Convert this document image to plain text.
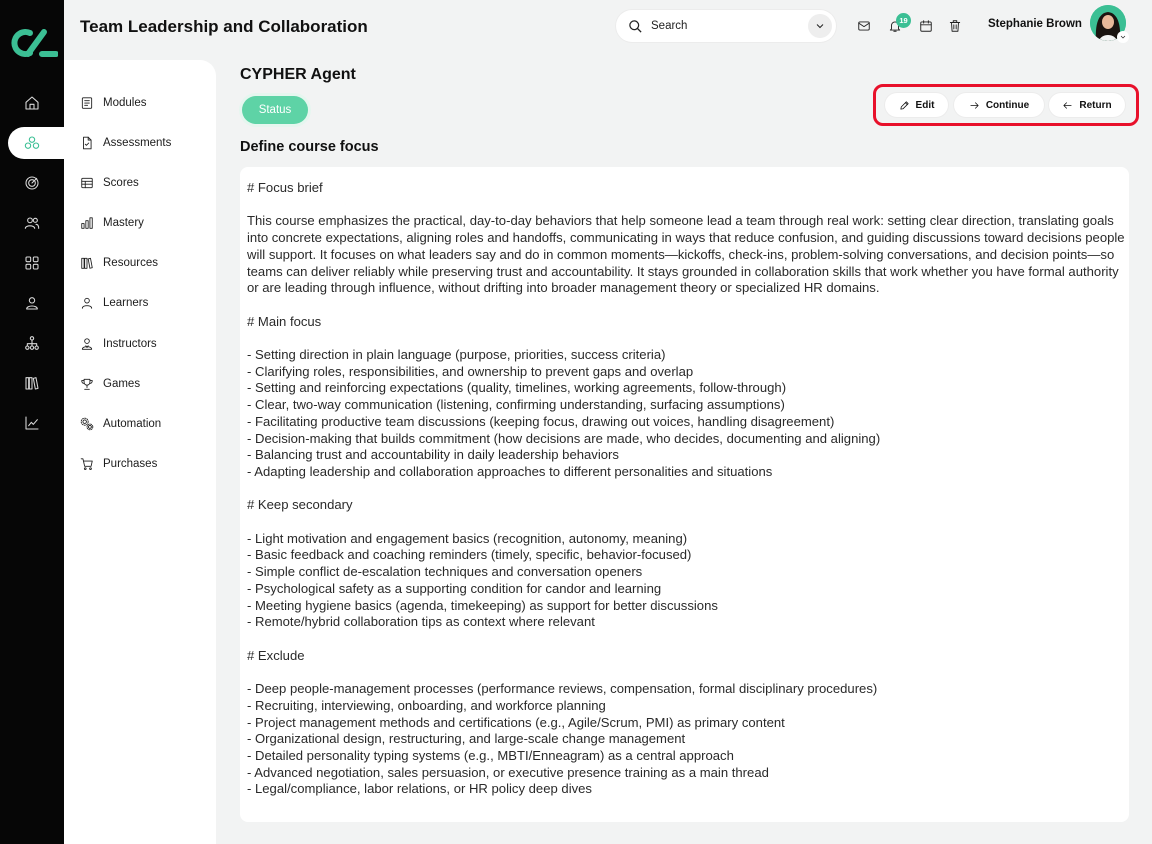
Modules
Assessments
Scores
Mastery
Resources
Learners
Instructors
Games
Automation
Purchases
Team Leadership and Collaboration	Search	19	Stephanie Brown
CYPHER Agent
Status	Edit	Continue	Return
Define course focus
# Focus brief

This course emphasizes the practical, day-to-day behaviors that help someone lead a team through real work: setting clear direction, translating goals into concrete expectations, aligning roles and handoffs, communicating in ways that reduce confusion, and guiding discussions toward decisions people will support. It focuses on what leaders say and do in common moments—kickoffs, check-ins, problem-solving conversations, and decision points—so teams can deliver reliably while preserving trust and accountability. It stays grounded in collaboration skills that work whether you have formal authority or are leading through influence, without drifting into broader management theory or specialized HR domains.

# Main focus

- Setting direction in plain language (purpose, priorities, success criteria)
- Clarifying roles, responsibilities, and ownership to prevent gaps and overlap
- Setting and reinforcing expectations (quality, timelines, working agreements, follow-through)
- Clear, two-way communication (listening, confirming understanding, surfacing assumptions)
- Facilitating productive team discussions (keeping focus, drawing out voices, handling disagreement)
- Decision-making that builds commitment (how decisions are made, who decides, documenting and aligning)
- Balancing trust and accountability in daily leadership behaviors
- Adapting leadership and collaboration approaches to different personalities and situations

# Keep secondary

- Light motivation and engagement basics (recognition, autonomy, meaning)
- Basic feedback and coaching reminders (timely, specific, behavior-focused)
- Simple conflict de-escalation techniques and conversation openers
- Psychological safety as a supporting condition for candor and learning
- Meeting hygiene basics (agenda, timekeeping) as support for better discussions
- Remote/hybrid collaboration tips as context where relevant

# Exclude

- Deep people-management processes (performance reviews, compensation, formal disciplinary procedures)
- Recruiting, interviewing, onboarding, and workforce planning
- Project management methods and certifications (e.g., Agile/Scrum, PMI) as primary content
- Organizational design, restructuring, and large-scale change management
- Detailed personality typing systems (e.g., MBTI/Enneagram) as a central approach
- Advanced negotiation, sales persuasion, or executive presence training as a main thread
- Legal/compliance, labor relations, or HR policy deep dives
